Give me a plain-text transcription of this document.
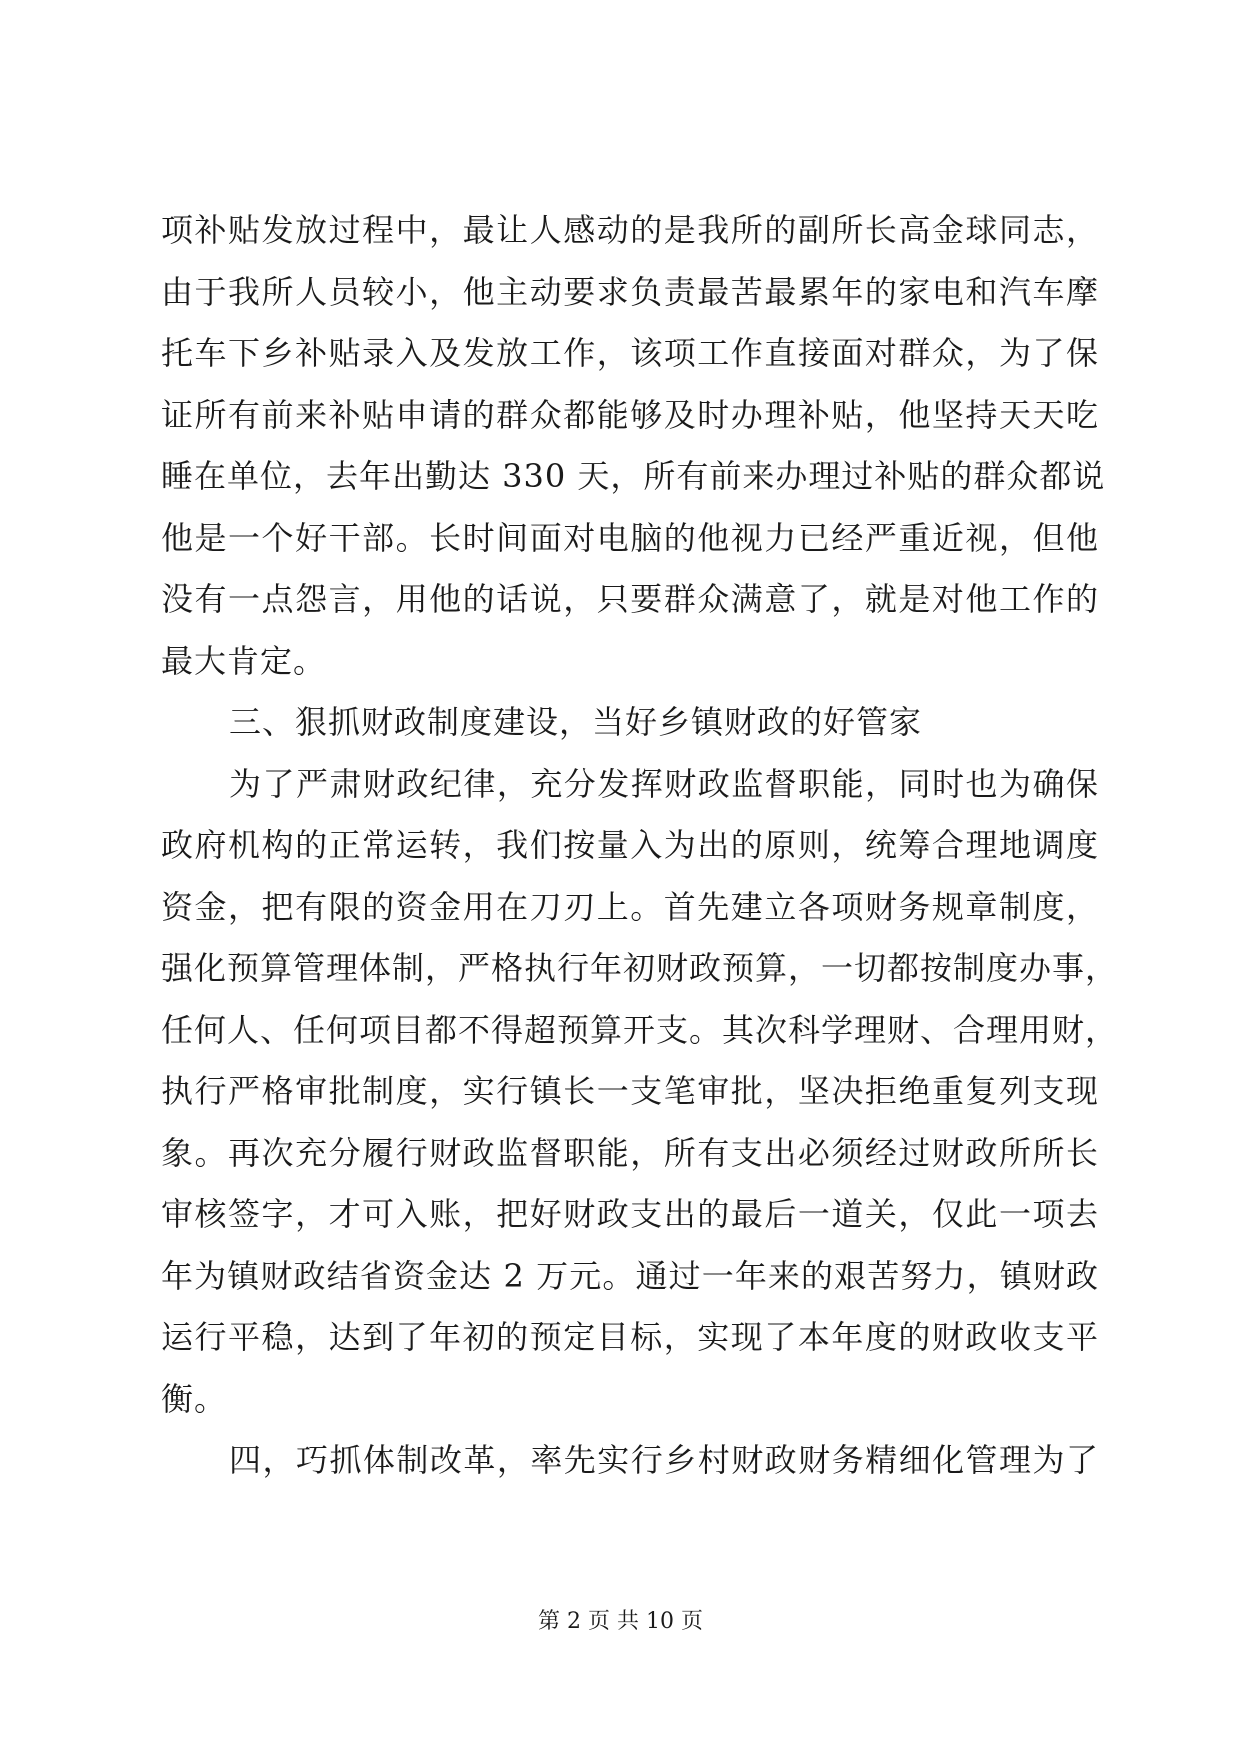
项补贴发放过程中，最让人感动的是我所的副所长高金球同志，
由于我所人员较小，他主动要求负责最苦最累年的家电和汽车摩
托车下乡补贴录入及发放工作，该项工作直接面对群众，为了保
证所有前来补贴申请的群众都能够及时办理补贴，他坚持天天吃
睡在单位，去年出勤达 330 天，所有前来办理过补贴的群众都说
他是一个好干部。长时间面对电脑的他视力已经严重近视，但他
没有一点怨言，用他的话说，只要群众满意了，就是对他工作的
最大肯定。
三、狠抓财政制度建设，当好乡镇财政的好管家
为了严肃财政纪律，充分发挥财政监督职能，同时也为确保
政府机构的正常运转，我们按量入为出的原则，统筹合理地调度
资金，把有限的资金用在刀刃上。首先建立各项财务规章制度，
强化预算管理体制，严格执行年初财政预算，一切都按制度办事，
任何人、任何项目都不得超预算开支。其次科学理财、合理用财，
执行严格审批制度，实行镇长一支笔审批，坚决拒绝重复列支现
象。再次充分履行财政监督职能，所有支出必须经过财政所所长
审核签字，才可入账，把好财政支出的最后一道关，仅此一项去
年为镇财政结省资金达 2 万元。通过一年来的艰苦努力，镇财政
运行平稳，达到了年初的预定目标，实现了本年度的财政收支平
衡。
四，巧抓体制改革，率先实行乡村财政财务精细化管理为了
第 2 页 共 10 页
